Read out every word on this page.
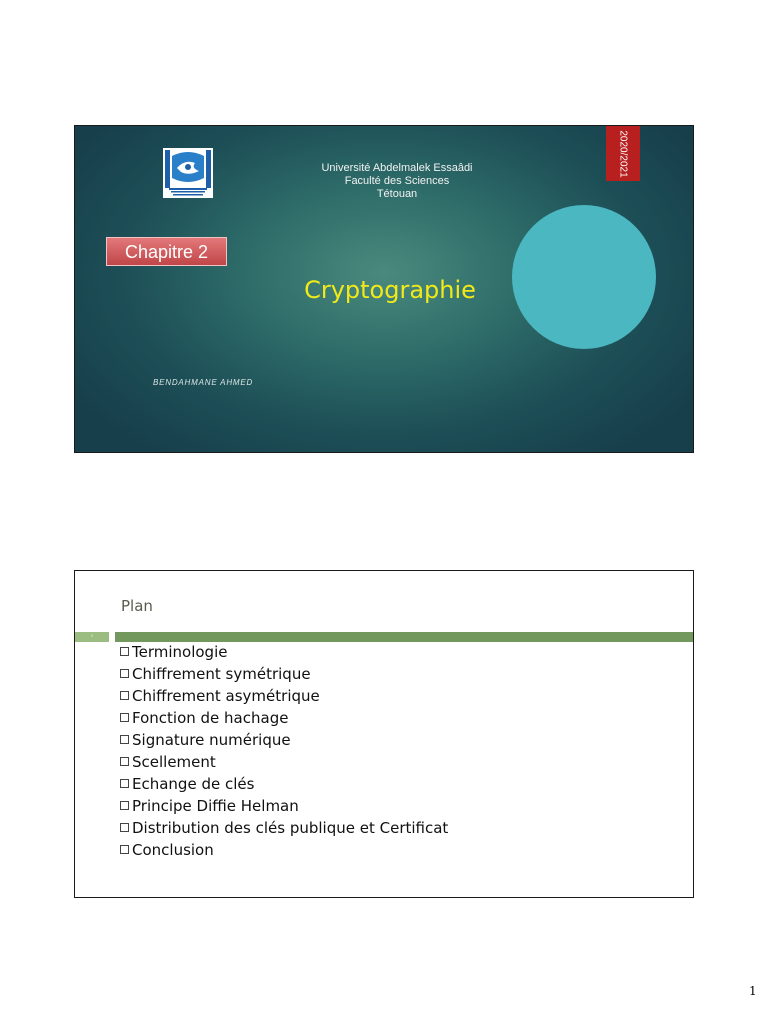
Université Abdelmalek Essaâdi
Faculté des Sciences
Tétouan
2020/2021
Chapitre 2
Cryptographie
BENDAHMANE AHMED
Plan
2
Terminologie
Chiffrement symétrique
Chiffrement asymétrique
Fonction de hachage
Signature numérique
Scellement
Echange de clés
Principe Diffie Helman
Distribution des clés publique et Certificat
Conclusion
1
